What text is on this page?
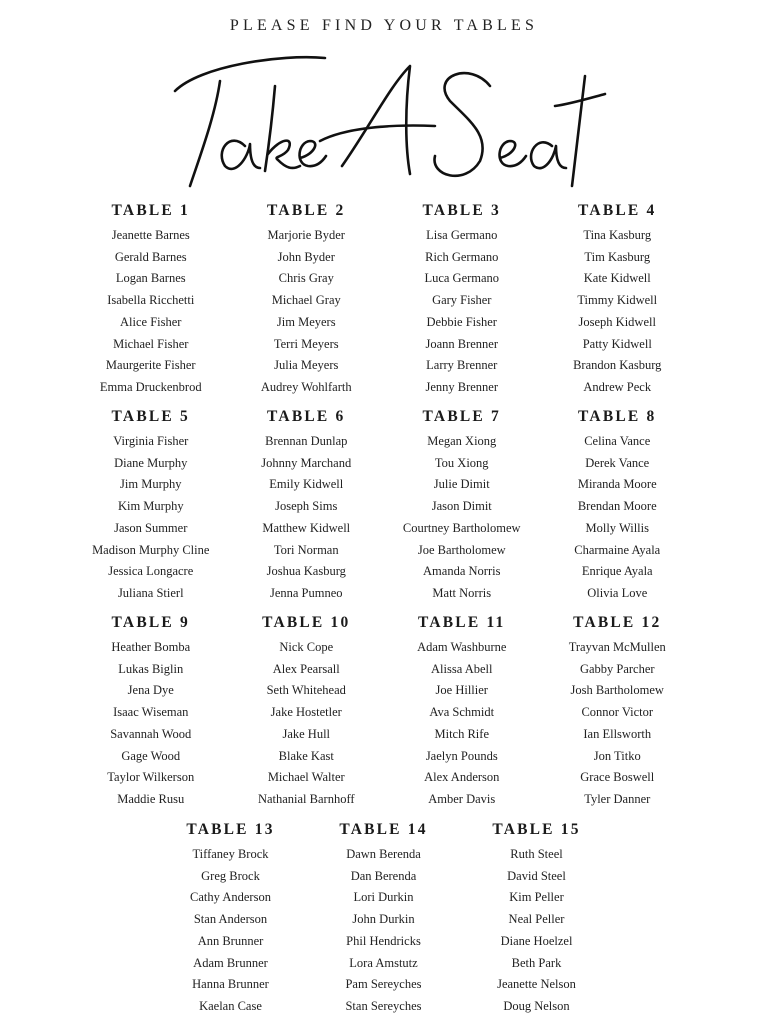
PLEASE FIND YOUR TABLES
TABLE 1
Jeanette Barnes
Gerald Barnes
Logan Barnes
Isabella Ricchetti
Alice Fisher
Michael Fisher
Maurgerite Fisher
Emma Druckenbrod
TABLE 2
Marjorie Byder
John Byder
Chris Gray
Michael Gray
Jim Meyers
Terri Meyers
Julia Meyers
Audrey Wohlfarth
TABLE 3
Lisa Germano
Rich Germano
Luca Germano
Gary Fisher
Debbie Fisher
Joann Brenner
Larry Brenner
Jenny Brenner
TABLE 4
Tina Kasburg
Tim Kasburg
Kate Kidwell
Timmy Kidwell
Joseph Kidwell
Patty Kidwell
Brandon Kasburg
Andrew Peck
TABLE 5
Virginia Fisher
Diane Murphy
Jim Murphy
Kim Murphy
Jason Summer
Madison Murphy Cline
Jessica Longacre
Juliana Stierl
TABLE 6
Brennan Dunlap
Johnny Marchand
Emily Kidwell
Joseph Sims
Matthew Kidwell
Tori Norman
Joshua Kasburg
Jenna Pumneo
TABLE 7
Megan Xiong
Tou Xiong
Julie Dimit
Jason Dimit
Courtney Bartholomew
Joe Bartholomew
Amanda Norris
Matt Norris
TABLE 8
Celina Vance
Derek Vance
Miranda Moore
Brendan Moore
Molly Willis
Charmaine Ayala
Enrique Ayala
Olivia Love
TABLE 9
Heather Bomba
Lukas Biglin
Jena Dye
Isaac Wiseman
Savannah Wood
Gage Wood
Taylor Wilkerson
Maddie Rusu
TABLE 10
Nick Cope
Alex Pearsall
Seth Whitehead
Jake Hostetler
Jake Hull
Blake Kast
Michael Walter
Nathanial Barnhoff
TABLE 11
Adam Washburne
Alissa Abell
Joe Hillier
Ava Schmidt
Mitch Rife
Jaelyn Pounds
Alex Anderson
Amber Davis
TABLE 12
Trayvan McMullen
Gabby Parcher
Josh Bartholomew
Connor Victor
Ian Ellsworth
Jon Titko
Grace Boswell
Tyler Danner
TABLE 13
Tiffaney Brock
Greg Brock
Cathy Anderson
Stan Anderson
Ann Brunner
Adam Brunner
Hanna Brunner
Kaelan Case
TABLE 14
Dawn Berenda
Dan Berenda
Lori Durkin
John Durkin
Phil Hendricks
Lora Amstutz
Pam Sereyches
Stan Sereyches
TABLE 15
Ruth Steel
David Steel
Kim Peller
Neal Peller
Diane Hoelzel
Beth Park
Jeanette Nelson
Doug Nelson
